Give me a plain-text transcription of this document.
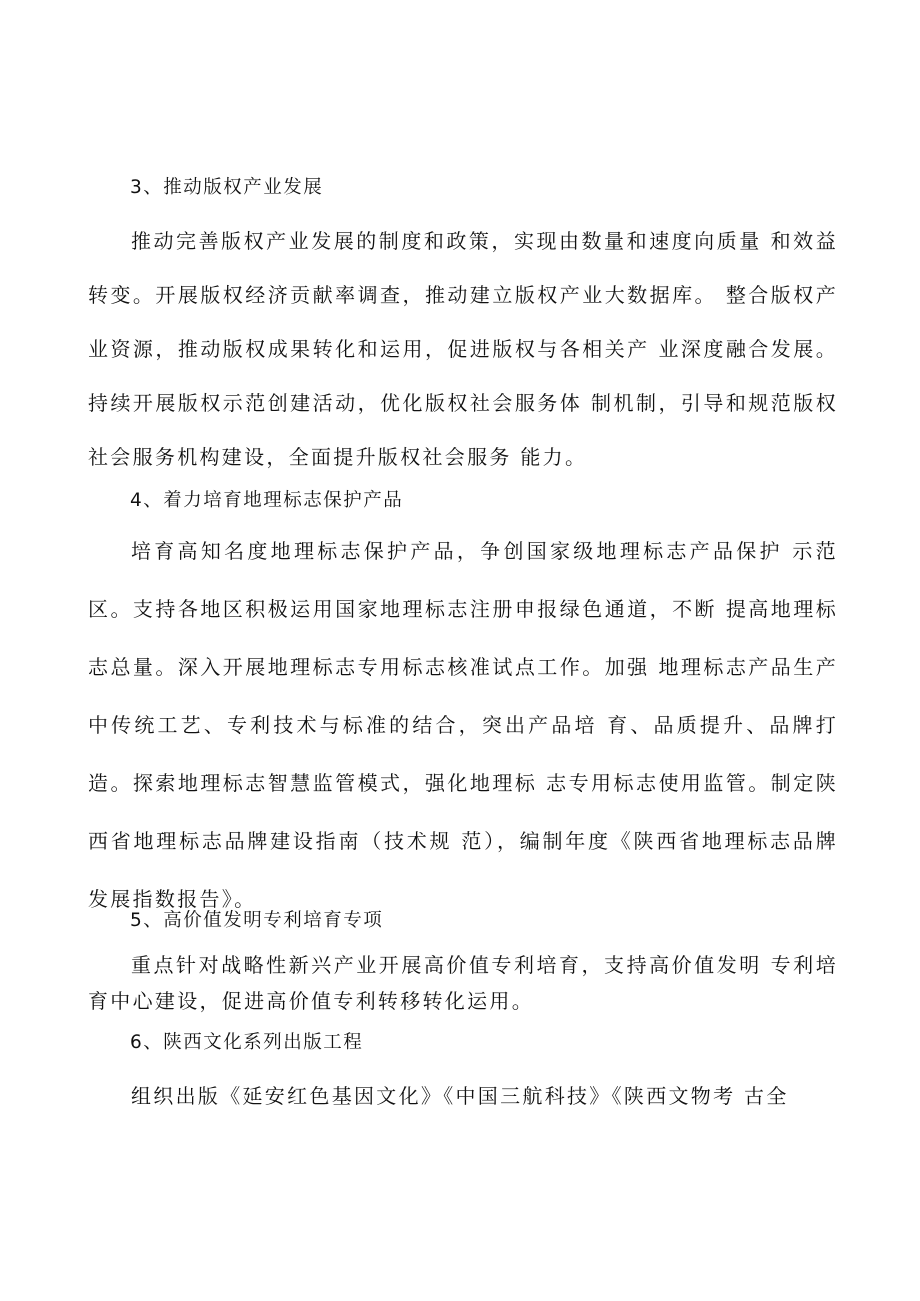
3、推动版权产业发展

推动完善版权产业发展的制度和政策，实现由数量和速度向质量 和效益转变。开展版权经济贡献率调查，推动建立版权产业大数据库。 整合版权产业资源，推动版权成果转化和运用，促进版权与各相关产 业深度融合发展。持续开展版权示范创建活动，优化版权社会服务体 制机制，引导和规范版权社会服务机构建设，全面提升版权社会服务 能力。

4、着力培育地理标志保护产品

培育高知名度地理标志保护产品，争创国家级地理标志产品保护 示范区。支持各地区积极运用国家地理标志注册申报绿色通道，不断 提高地理标志总量。深入开展地理标志专用标志核准试点工作。加强 地理标志产品生产中传统工艺、专利技术与标准的结合，突出产品培 育、品质提升、品牌打造。探索地理标志智慧监管模式，强化地理标 志专用标志使用监管。制定陕西省地理标志品牌建设指南（技术规 范），编制年度《陕西省地理标志品牌发展指数报告》。

5、高价值发明专利培育专项

重点针对战略性新兴产业开展高价值专利培育，支持高价值发明 专利培育中心建设，促进高价值专利转移转化运用。

6、陕西文化系列出版工程

组织出版《延安红色基因文化》《中国三航科技》《陕西文物考 古全
